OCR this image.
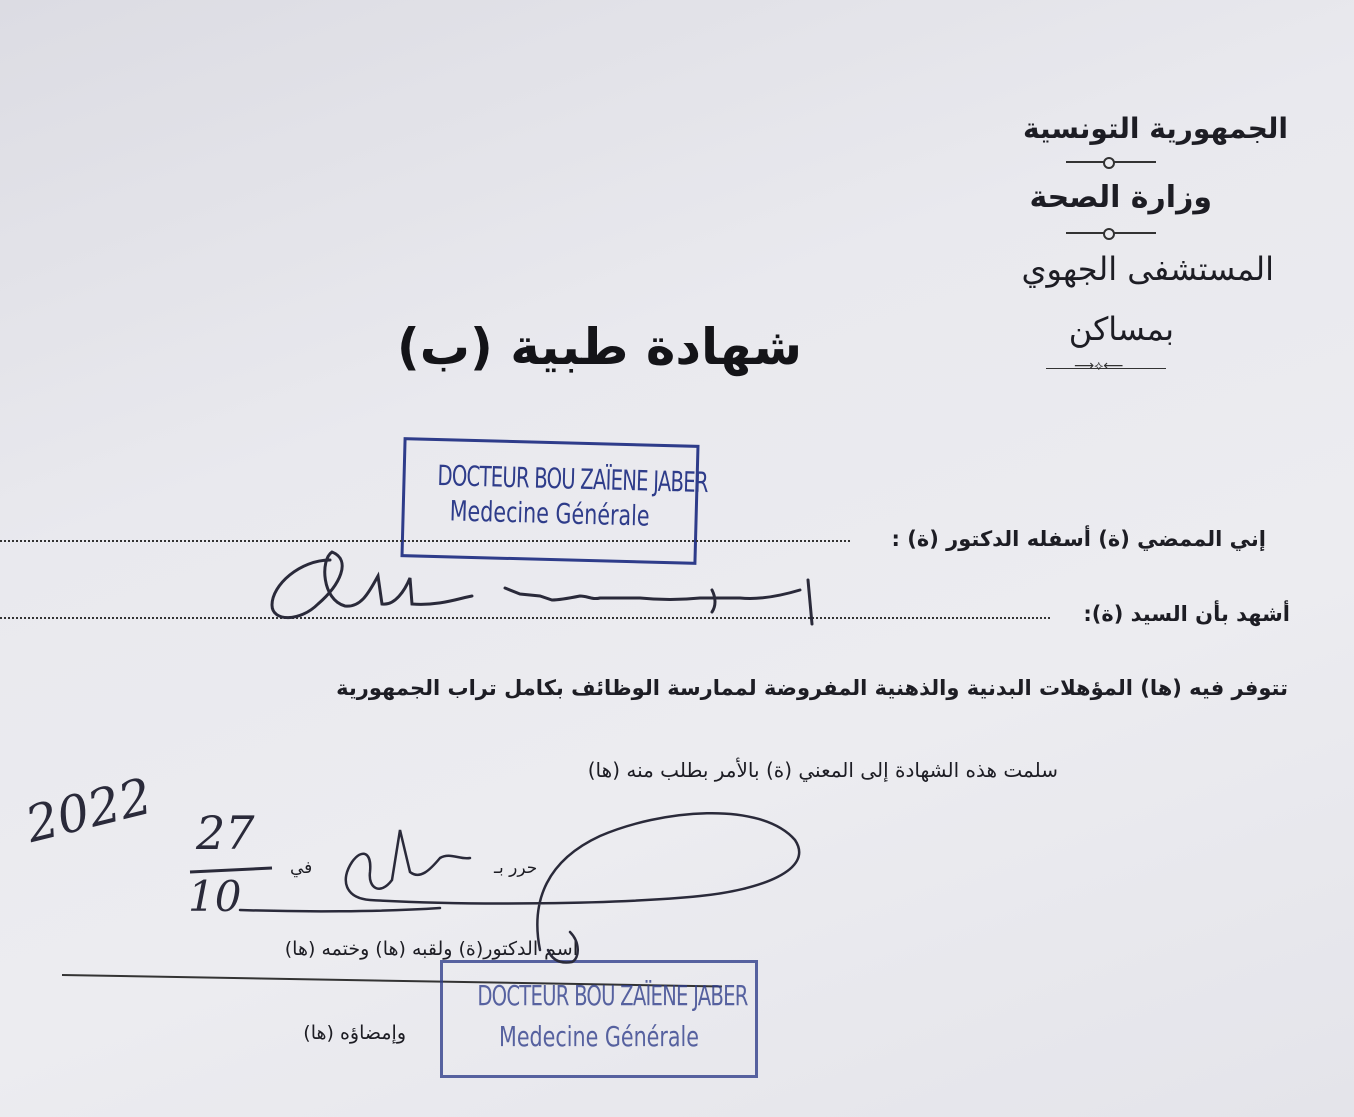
الجمهورية التونسية
وزارة الصحة
المستشفى الجهوي
بمساكن
⟶⟡⟵
شهادة طبية (ب)
DOCTEUR BOU ZAÏENE JABER
Medecine Générale
إني الممضي (ة) أسفله الدكتور (ة) :
أشهد بأن السيد (ة):
تتوفر فيه (ها) المؤهلات البدنية والذهنية المفروضة لممارسة الوظائف بكامل تراب الجمهورية
سلمت هذه الشهادة إلى المعني (ة) بالأمر بطلب منه (ها)
حرر بـ
في
27
10
2022
اسم الدكتور(ة) ولقبه (ها) وختمه (ها)
وإمضاؤه (ها)
DOCTEUR BOU ZAÏENE JABER
Medecine Générale
